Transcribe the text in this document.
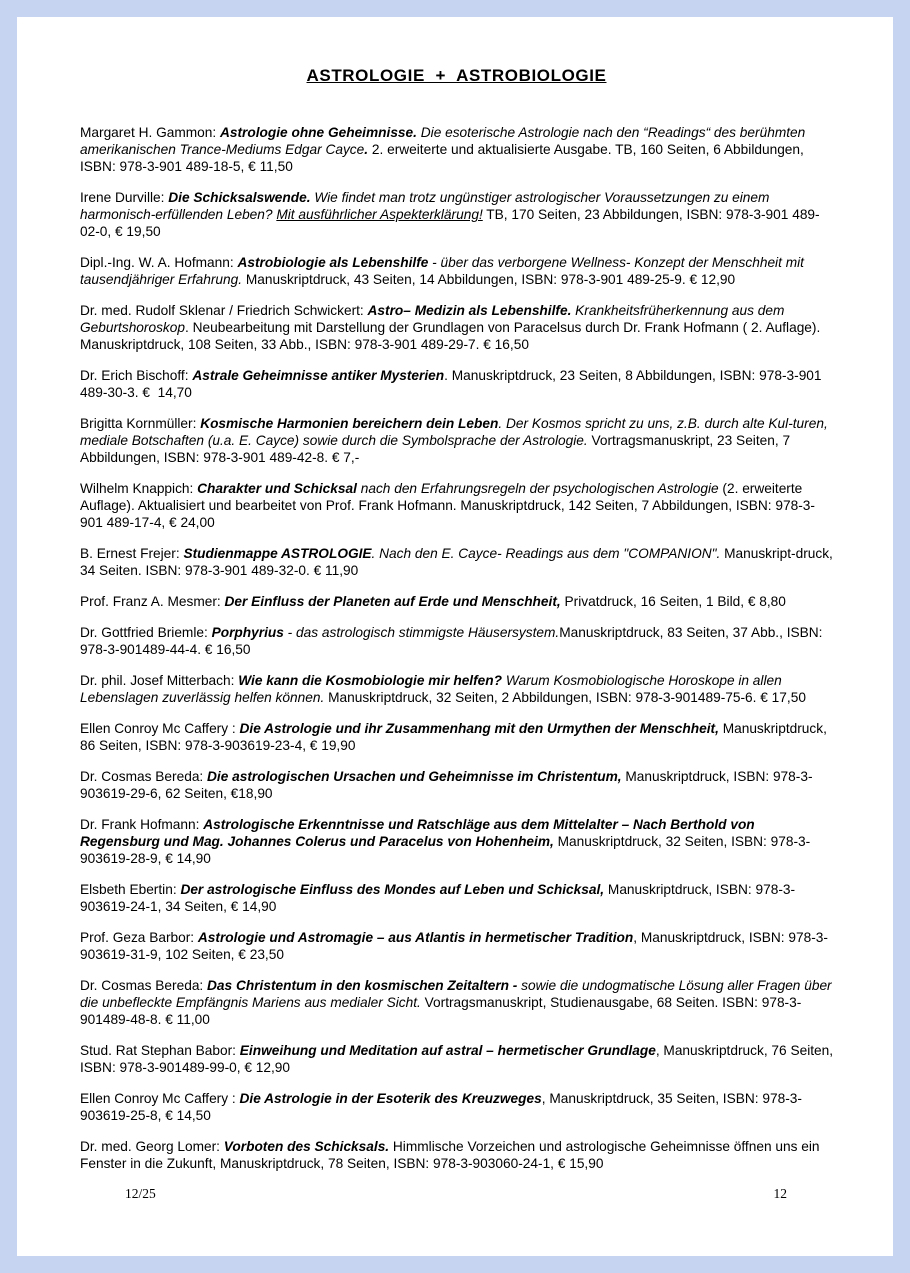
ASTROLOGIE  +  ASTROBIOLOGIE

Margaret H. Gammon: Astrologie ohne Geheimnisse. Die esoterische Astrologie nach den “Readings“ des berühmten amerikanischen Trance-Mediums Edgar Cayce. 2. erweiterte und aktualisierte Ausgabe. TB, 160 Seiten, 6 Abbildungen, ISBN: 978-3-901 489-18-5, € 11,50

Irene Durville: Die Schicksalswende. Wie findet man trotz ungünstiger astrologischer Voraussetzungen zu einem harmonisch-erfüllenden Leben? Mit ausführlicher Aspekterklärung! TB, 170 Seiten, 23 Abbildungen, ISBN: 978-3-901 489-02-0, € 19,50

Dipl.-Ing. W. A. Hofmann: Astrobiologie als Lebenshilfe - über das verborgene Wellness- Konzept der Menschheit mit tausendjähriger Erfahrung. Manuskriptdruck, 43 Seiten, 14 Abbildungen, ISBN: 978-3-901 489-25-9. € 12,90

Dr. med. Rudolf Sklenar / Friedrich Schwickert: Astro– Medizin als Lebenshilfe. Krankheitsfrüherkennung aus dem Geburtshoroskop. Neubearbeitung mit Darstellung der Grundlagen von Paracelsus durch Dr. Frank Hofmann ( 2. Auflage). Manuskriptdruck, 108 Seiten, 33 Abb., ISBN: 978-3-901 489-29-7. € 16,50

Dr. Erich Bischoff: Astrale Geheimnisse antiker Mysterien. Manuskriptdruck, 23 Seiten, 8 Abbildungen, ISBN: 978-3-901 489-30-3. €  14,70

Brigitta Kornmüller: Kosmische Harmonien bereichern dein Leben. Der Kosmos spricht zu uns, z.B. durch alte Kul-turen, mediale Botschaften (u.a. E. Cayce) sowie durch die Symbolsprache der Astrologie. Vortragsmanuskript, 23 Seiten, 7 Abbildungen, ISBN: 978-3-901 489-42-8. € 7,-

Wilhelm Knappich: Charakter und Schicksal nach den Erfahrungsregeln der psychologischen Astrologie (2. erweiterte Auflage). Aktualisiert und bearbeitet von Prof. Frank Hofmann. Manuskriptdruck, 142 Seiten, 7 Abbildungen, ISBN: 978-3-901 489-17-4, € 24,00

B. Ernest Frejer: Studienmappe ASTROLOGIE. Nach den E. Cayce- Readings aus dem "COMPANION". Manuskript-druck, 34 Seiten. ISBN: 978-3-901 489-32-0. € 11,90

Prof. Franz A. Mesmer: Der Einfluss der Planeten auf Erde und Menschheit, Privatdruck, 16 Seiten, 1 Bild, € 8,80

Dr. Gottfried Briemle: Porphyrius - das astrologisch stimmigste Häusersystem.Manuskriptdruck, 83 Seiten, 37 Abb., ISBN: 978-3-901489-44-4. € 16,50

Dr. phil. Josef Mitterbach: Wie kann die Kosmobiologie mir helfen? Warum Kosmobiologische Horoskope in allen Lebenslagen zuverlässig helfen können. Manuskriptdruck, 32 Seiten, 2 Abbildungen, ISBN: 978-3-901489-75-6. € 17,50

Ellen Conroy Mc Caffery : Die Astrologie und ihr Zusammenhang mit den Urmythen der Menschheit, Manuskriptdruck, 86 Seiten, ISBN: 978-3-903619-23-4, € 19,90

Dr. Cosmas Bereda: Die astrologischen Ursachen und Geheimnisse im Christentum, Manuskriptdruck, ISBN: 978-3-903619-29-6, 62 Seiten, €18,90

Dr. Frank Hofmann: Astrologische Erkenntnisse und Ratschläge aus dem Mittelalter – Nach Berthold von Regensburg und Mag. Johannes Colerus und Paracelus von Hohenheim, Manuskriptdruck, 32 Seiten, ISBN: 978-3-903619-28-9, € 14,90

Elsbeth Ebertin: Der astrologische Einfluss des Mondes auf Leben und Schicksal, Manuskriptdruck, ISBN: 978-3-903619-24-1, 34 Seiten, € 14,90

Prof. Geza Barbor: Astrologie und Astromagie – aus Atlantis in hermetischer Tradition, Manuskriptdruck, ISBN: 978-3-903619-31-9, 102 Seiten, € 23,50

Dr. Cosmas Bereda: Das Christentum in den kosmischen Zeitaltern - sowie die undogmatische Lösung aller Fragen über die unbefleckte Empfängnis Mariens aus medialer Sicht. Vortragsmanuskript, Studienausgabe, 68 Seiten. ISBN: 978-3-901489-48-8. € 11,00

Stud. Rat Stephan Babor: Einweihung und Meditation auf astral – hermetischer Grundlage, Manuskriptdruck, 76 Seiten, ISBN: 978-3-901489-99-0, € 12,90

Ellen Conroy Mc Caffery : Die Astrologie in der Esoterik des Kreuzweges, Manuskriptdruck, 35 Seiten, ISBN: 978-3-903619-25-8, € 14,50

Dr. med. Georg Lomer: Vorboten des Schicksals. Himmlische Vorzeichen und astrologische Geheimnisse öffnen uns ein Fenster in die Zukunft, Manuskriptdruck, 78 Seiten, ISBN: 978-3-903060-24-1, € 15,90

12/25	12
